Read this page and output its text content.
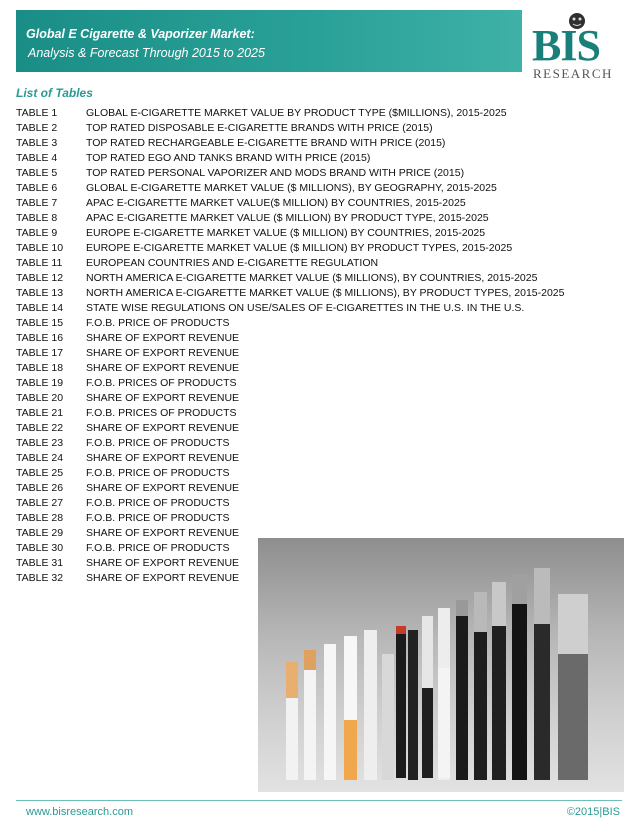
Global E Cigarette & Vaporizer Market:
Analysis & Forecast Through 2015 to 2025	BIS
RESEARCH
List of Tables
TABLE 1	GLOBAL E-CIGARETTE MARKET VALUE BY PRODUCT TYPE ($MILLIONS), 2015-2025
TABLE 2	TOP RATED DISPOSABLE E-CIGARETTE BRANDS WITH PRICE (2015)
TABLE 3	TOP RATED RECHARGEABLE E-CIGARETTE BRAND WITH PRICE (2015)
TABLE 4	TOP RATED EGO AND TANKS BRAND WITH PRICE (2015)
TABLE 5	TOP RATED PERSONAL VAPORIZER AND MODS BRAND WITH PRICE (2015)
TABLE 6	GLOBAL E-CIGARETTE MARKET VALUE ($ MILLIONS), BY GEOGRAPHY, 2015-2025
TABLE 7	APAC E-CIGARETTE MARKET VALUE($ MILLION) BY COUNTRIES, 2015-2025
TABLE 8	APAC E-CIGARETTE MARKET VALUE ($ MILLION) BY PRODUCT TYPE, 2015-2025
TABLE 9	EUROPE E-CIGARETTE MARKET VALUE ($ MILLION) BY COUNTRIES, 2015-2025
TABLE 10 EUROPE E-CIGARETTE MARKET VALUE ($ MILLION) BY PRODUCT TYPES, 2015-2025
TABLE 11 EUROPEAN COUNTRIES AND E-CIGARETTE REGULATION
TABLE 12 NORTH AMERICA E-CIGARETTE MARKET VALUE ($ MILLIONS), BY COUNTRIES, 2015-2025
TABLE 13 NORTH AMERICA E-CIGARETTE MARKET VALUE ($ MILLIONS), BY PRODUCT TYPES, 2015-2025
TABLE 14 STATE WISE REGULATIONS ON USE/SALES OF E-CIGARETTES IN THE U.S. IN THE U.S.
TABLE 15 F.O.B. PRICE OF PRODUCTS
TABLE 16 SHARE OF EXPORT REVENUE
TABLE 17 SHARE OF EXPORT REVENUE
TABLE 18 SHARE OF EXPORT REVENUE
TABLE 19 F.O.B. PRICES OF PRODUCTS
TABLE 20 SHARE OF EXPORT REVENUE
TABLE 21 F.O.B. PRICES OF PRODUCTS
TABLE 22 SHARE OF EXPORT REVENUE
TABLE 23 F.O.B. PRICE OF PRODUCTS
TABLE 24 SHARE OF EXPORT REVENUE
TABLE 25 F.O.B. PRICE OF PRODUCTS
TABLE 26 SHARE OF EXPORT REVENUE
TABLE 27 F.O.B. PRICE OF PRODUCTS
TABLE 28 F.O.B. PRICE OF PRODUCTS
TABLE 29 SHARE OF EXPORT REVENUE
TABLE 30 F.O.B. PRICE OF PRODUCTS
TABLE 31 SHARE OF EXPORT REVENUE
TABLE 32 SHARE OF EXPORT REVENUE
www.bisresearch.com	©2015|BIS
